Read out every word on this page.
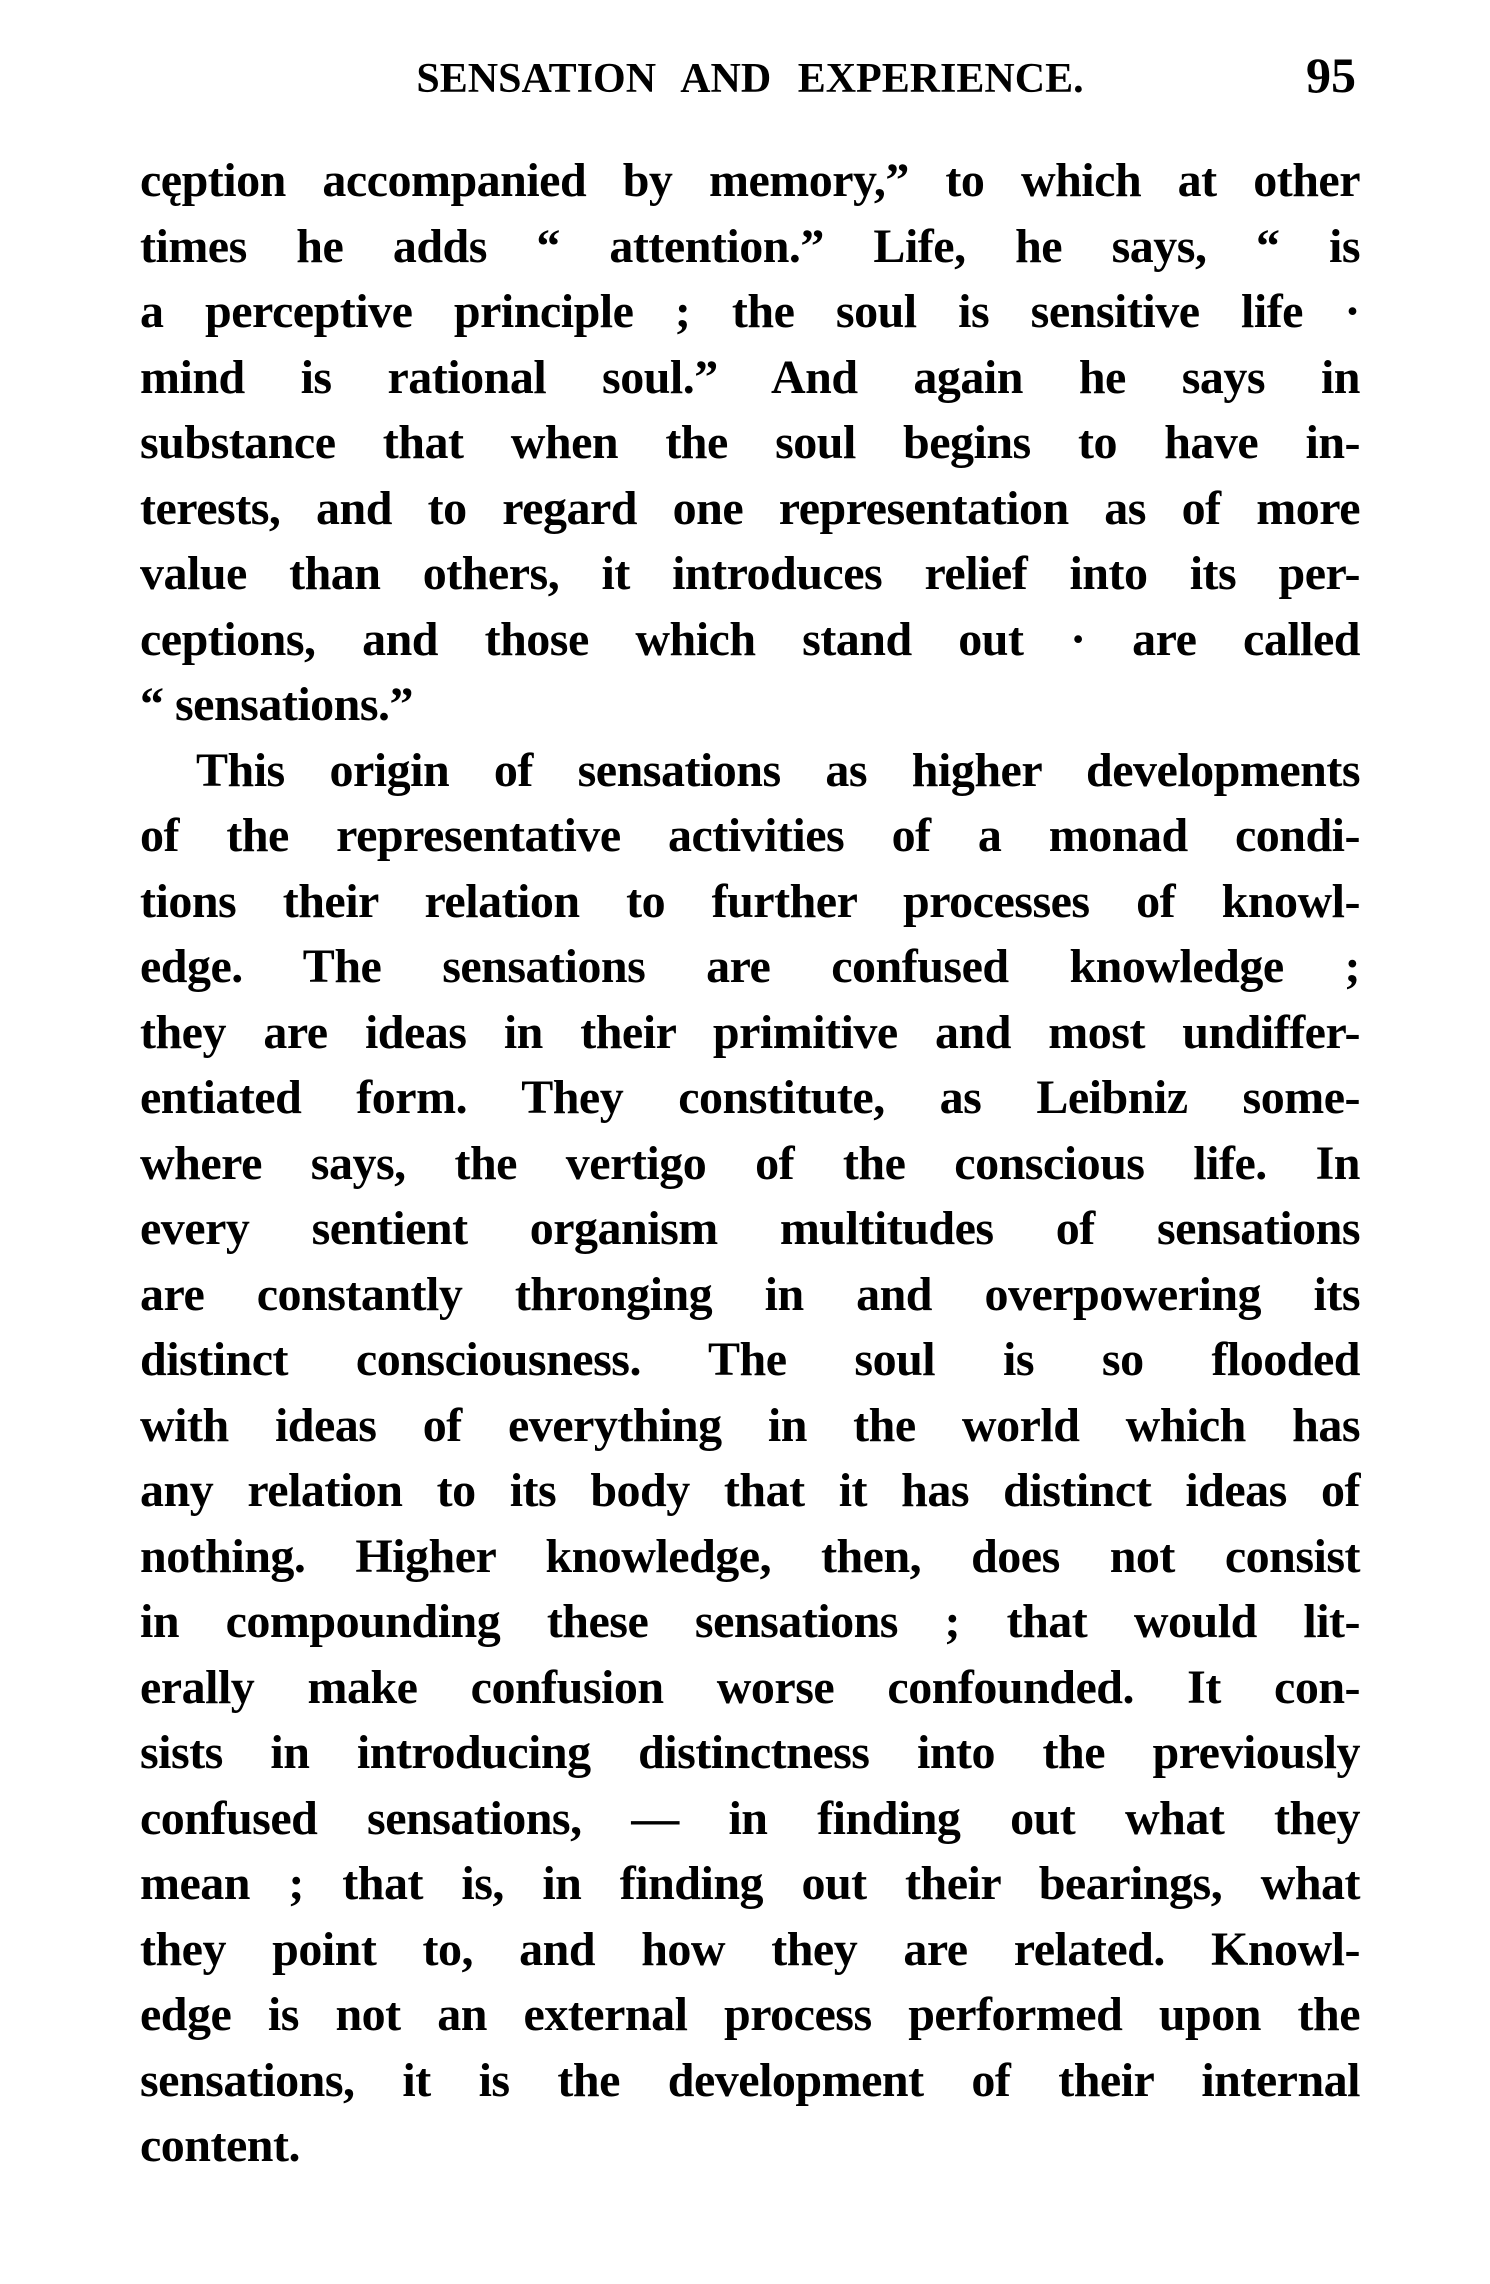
SENSATION AND EXPERIENCE.	95
cęption accompanied by memory,” to which at other
times he adds “ attention.” Life, he says, “ is
a perceptive principle ; the soul is sensitive life ·
mind is rational soul.” And again he says in
substance that when the soul begins to have in-
terests, and to regard one representation as of more
value than others, it introduces relief into its per-
ceptions, and those which stand out · are called
“ sensations.”
This origin of sensations as higher developments
of the representative activities of a monad condi-
tions their relation to further processes of knowl-
edge. The sensations are confused knowledge ;
they are ideas in their primitive and most undiffer-
entiated form. They constitute, as Leibniz some-
where says, the vertigo of the conscious life. In
every sentient organism multitudes of sensations
are constantly thronging in and overpowering its
distinct consciousness. The soul is so flooded
with ideas of everything in the world which has
any relation to its body that it has distinct ideas of
nothing. Higher knowledge, then, does not consist
in compounding these sensations ; that would lit-
erally make confusion worse confounded. It con-
sists in introducing distinctness into the previously
confused sensations, — in finding out what they
mean ; that is, in finding out their bearings, what
they point to, and how they are related. Knowl-
edge is not an external process performed upon the
sensations, it is the development of their internal
content.
